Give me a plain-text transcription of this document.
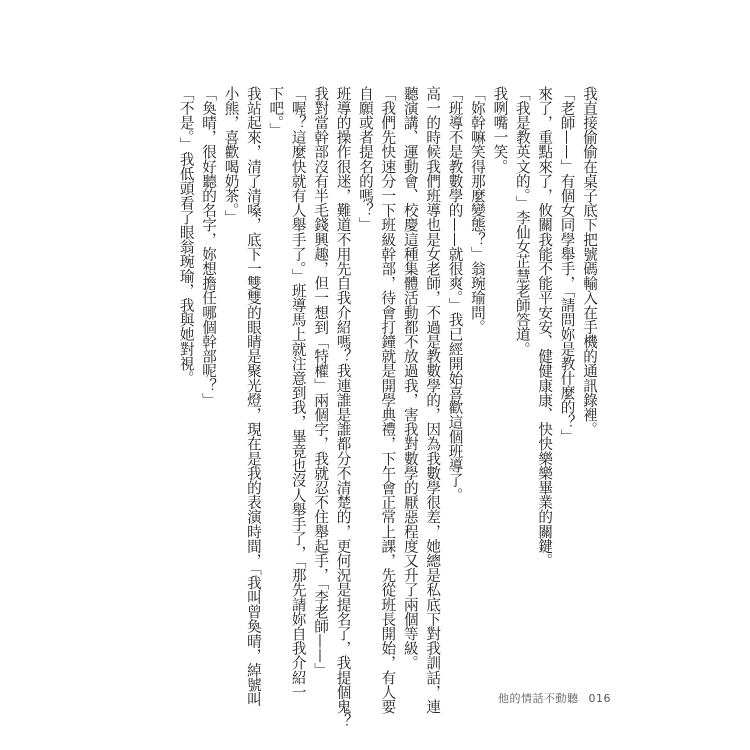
我直接偷偷在桌子底下把號碼輸入在手機的通訊錄裡。

「老師——」有個女同學舉手，「請問妳是教什麼的？」

來了，重點來了，攸關我能不能平安安、健健康康、快快樂樂畢業的關鍵。

「我是教英文的。」李仙女芷慧老師答道。

我咧嘴一笑。

「妳幹嘛笑得那麼變態？」翁琬瑜問。

「班導不是教數學的——就很爽。」我已經開始喜歡這個班導了。

高一的時候我們班導也是女老師，不過是教數學的，因為我數學很差，她總是私底下對我訓話，連

聽演講、運動會、校慶這種集體活動都不放過我，害我對數學的厭惡程度又升了兩個等級。

「我們先快速分一下班級幹部，待會打鐘就是開學典禮，下午會正常上課，先從班長開始，有人要

自願或者提名的嗎？」

班導的操作很迷，難道不用先自我介紹嗎？我連誰是誰都分不清楚的，更何況是提名了，我提個鬼？

我對當幹部沒有半毛錢興趣，但一想到「特權」兩個字，我就忍不住舉起手，「李老師——」

「喔？這麼快就有人舉手了。」班導馬上就注意到我，畢竟也沒人舉手了，「那先請妳自我介紹一

下吧。」

我站起來，清了清嗓，底下一雙雙的眼睛是聚光燈，現在是我的表演時間，「我叫曾奐晴，綽號叫

小熊，喜歡喝奶茶。」

「奐晴，很好聽的名字，妳想擔任哪個幹部呢？」

「不是。」我低頭看了眼翁琬瑜，我與她對視。

他的情話不動聽 016
